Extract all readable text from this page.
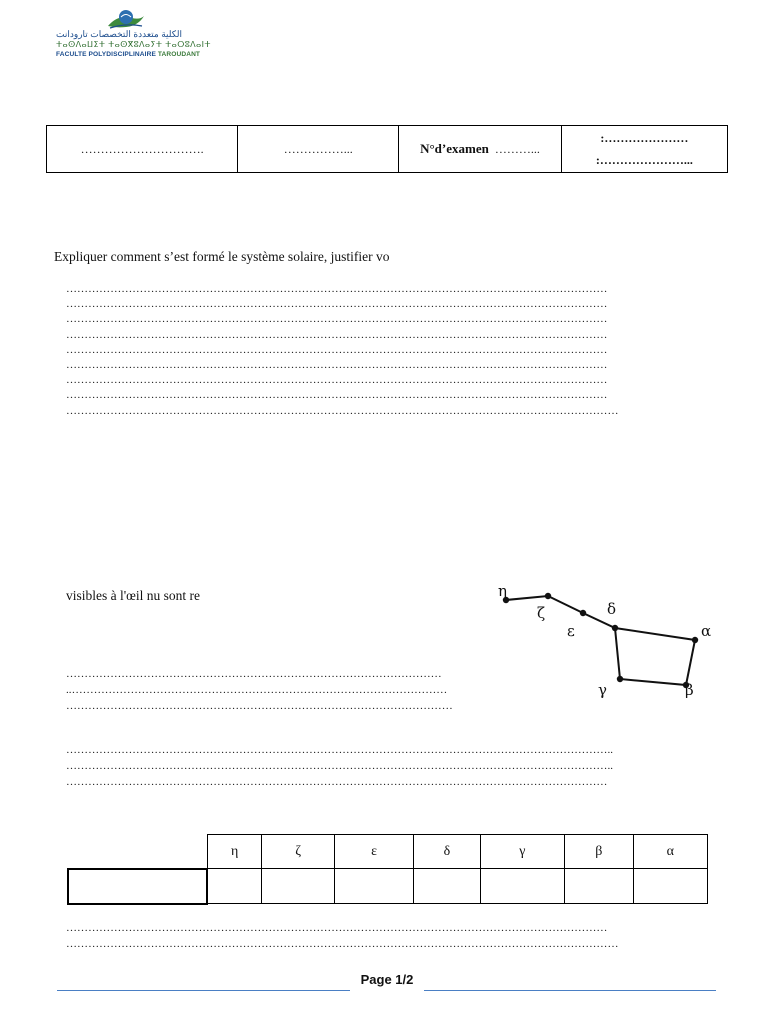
الكلية متعددة التخصصات تارودانت
ⵜⴰⵙⴷⴰⵡⵉⵜ ⵜⴰⵙⴳⵓⴷⴰⵢⵜ ⵜⴰⵔⵓⴷⴰⵏⵜ
FACULTE POLYDISCIPLINAIRE TAROUDANT
………………………….	……………...	N°d’examen ………...	
:…………………
:…………………...
Expliquer comment s’est formé le système solaire, justifier vo
…………………………………………………………………………………………………………………………………
…………………………………………………………………………………………………………………………………
…………………………………………………………………………………………………………………………………
…………………………………………………………………………………………………………………………………
…………………………………………………………………………………………………………………………………
…………………………………………………………………………………………………………………………………
…………………………………………………………………………………………………………………………………
…………………………………………………………………………………………………………………………………
……………………………………………………………………………………………………………………………………
visibles à l'œil nu sont re	η
ζ
ε
δ
α
γ	β
…………………………………………………………………………………………
..…………………………………………………………………………………………
……………………………………………………………………………………………
…………………………………………………………………………………………………………………………………..
…………………………………………………………………………………………………………………………………..
…………………………………………………………………………………………………………………………………
	η	ζ	ε	δ	γ	β	α

…………………………………………………………………………………………………………………………………
……………………………………………………………………………………………………………………………………
Page 1/2
